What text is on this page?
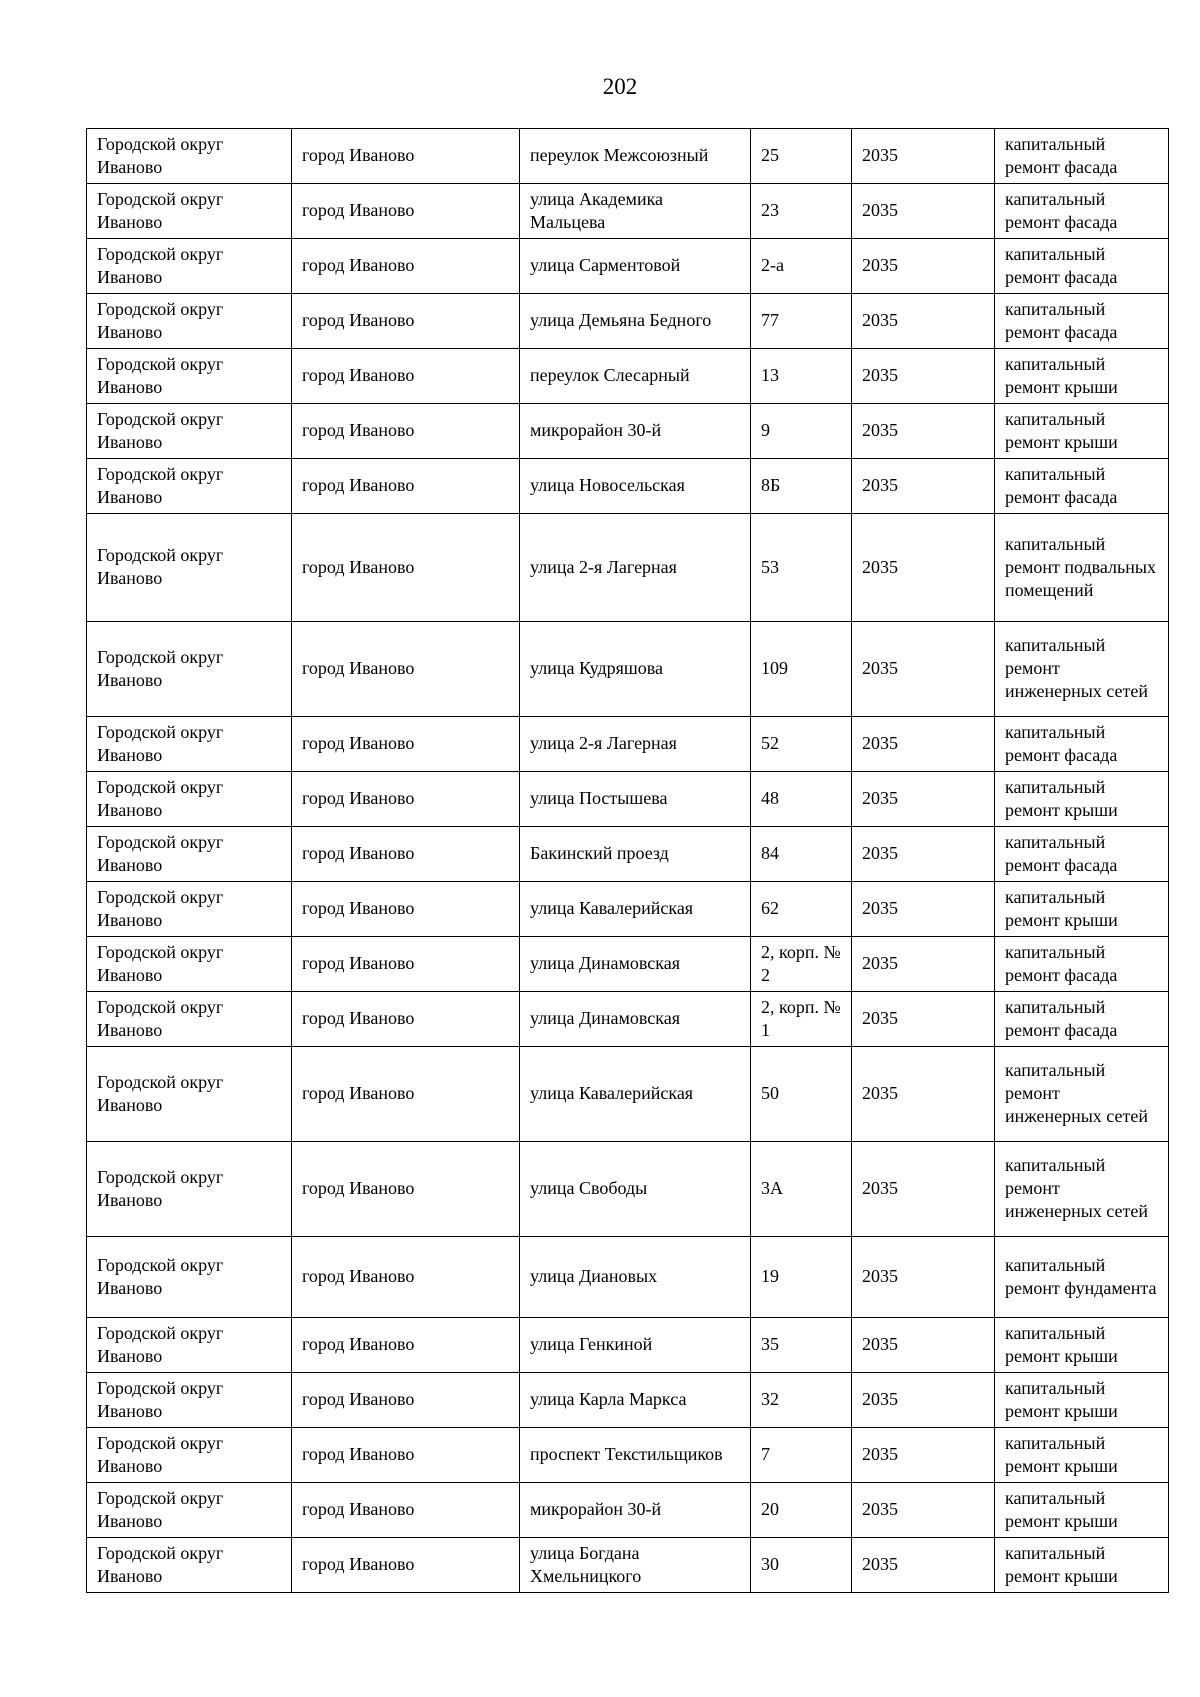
202
Городской округ Иваново	город Иваново	переулок Межсоюзный	25	2035	капитальный ремонт фасада
Городской округ Иваново	город Иваново	улица Академика Мальцева	23	2035	капитальный ремонт фасада
Городской округ Иваново	город Иваново	улица Сарментовой	2-а	2035	капитальный ремонт фасада
Городской округ Иваново	город Иваново	улица Демьяна Бедного	77	2035	капитальный ремонт фасада
Городской округ Иваново	город Иваново	переулок Слесарный	13	2035	капитальный ремонт крыши
Городской округ Иваново	город Иваново	микрорайон 30-й	9	2035	капитальный ремонт крыши
Городской округ Иваново	город Иваново	улица Новосельская	8Б	2035	капитальный ремонт фасада
Городской округ Иваново	город Иваново	улица 2-я Лагерная	53	2035	капитальный ремонт подвальных помещений
Городской округ Иваново	город Иваново	улица Кудряшова	109	2035	капитальный ремонт инженерных сетей
Городской округ Иваново	город Иваново	улица 2-я Лагерная	52	2035	капитальный ремонт фасада
Городской округ Иваново	город Иваново	улица Постышева	48	2035	капитальный ремонт крыши
Городской округ Иваново	город Иваново	Бакинский проезд	84	2035	капитальный ремонт фасада
Городской округ Иваново	город Иваново	улица Кавалерийская	62	2035	капитальный ремонт крыши
Городской округ Иваново	город Иваново	улица Динамовская	2, корп. № 2	2035	капитальный ремонт фасада
Городской округ Иваново	город Иваново	улица Динамовская	2, корп. № 1	2035	капитальный ремонт фасада
Городской округ Иваново	город Иваново	улица Кавалерийская	50	2035	капитальный ремонт инженерных сетей
Городской округ Иваново	город Иваново	улица Свободы	3А	2035	капитальный ремонт инженерных сетей
Городской округ Иваново	город Иваново	улица Диановых	19	2035	капитальный ремонт фундамента
Городской округ Иваново	город Иваново	улица Генкиной	35	2035	капитальный ремонт крыши
Городской округ Иваново	город Иваново	улица Карла Маркса	32	2035	капитальный ремонт крыши
Городской округ Иваново	город Иваново	проспект Текстильщиков	7	2035	капитальный ремонт крыши
Городской округ Иваново	город Иваново	микрорайон 30-й	20	2035	капитальный ремонт крыши
Городской округ Иваново	город Иваново	улица Богдана Хмельницкого	30	2035	капитальный ремонт крыши
